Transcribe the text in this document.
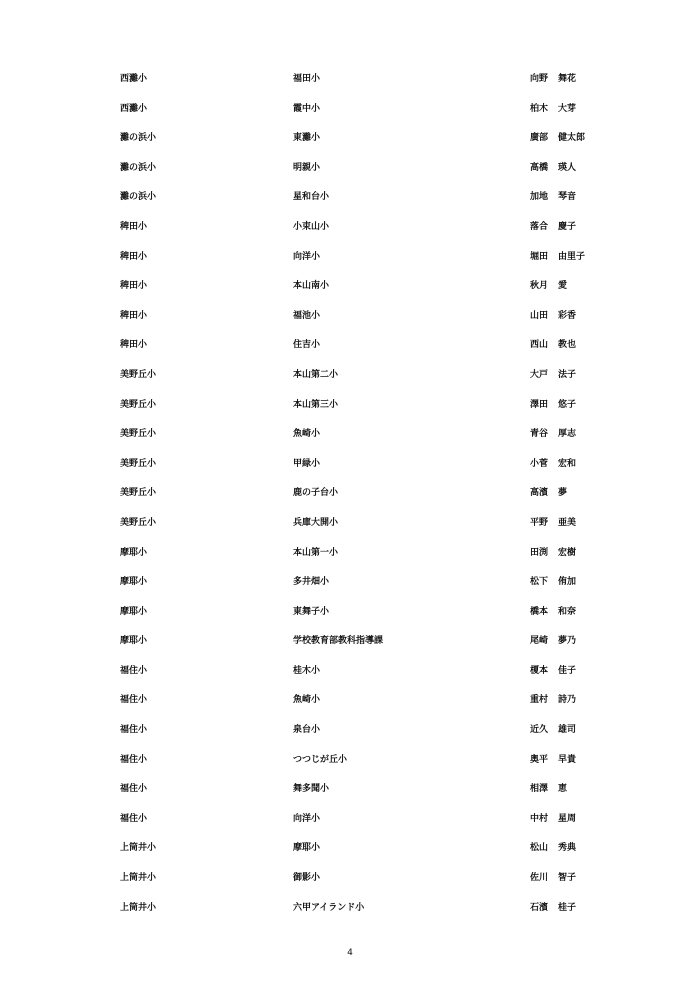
西灘小	福田小	向野 舞花
西灘小	霞中小	柏木 大芽
灘の浜小	東灘小	廣部 健太郎
灘の浜小	明親小	高橋 瑛人
灘の浜小	星和台小	加地 琴音
稗田小	小束山小	落合 慶子
稗田小	向洋小	堀田 由里子
稗田小	本山南小	秋月 愛
稗田小	福池小	山田 彩香
稗田小	住吉小	西山 教也
美野丘小	本山第二小	大戸 法子
美野丘小	本山第三小	澤田 悠子
美野丘小	魚崎小	青谷 厚志
美野丘小	甲緑小	小菅 宏和
美野丘小	鹿の子台小	高濱 夢
美野丘小	兵庫大開小	平野 亜美
摩耶小	本山第一小	田渕 宏樹
摩耶小	多井畑小	松下 侑加
摩耶小	東舞子小	橋本 和奈
摩耶小	学校教育部教科指導課	尾崎 夢乃
福住小	桂木小	榎本 佳子
福住小	魚崎小	重村 詩乃
福住小	泉台小	近久 雄司
福住小	つつじが丘小	奥平 早貴
福住小	舞多聞小	相澤 恵
福住小	向洋小	中村 星周
上筒井小	摩耶小	松山 秀典
上筒井小	御影小	佐川 智子
上筒井小	六甲アイランド小	石濱 桂子
4
